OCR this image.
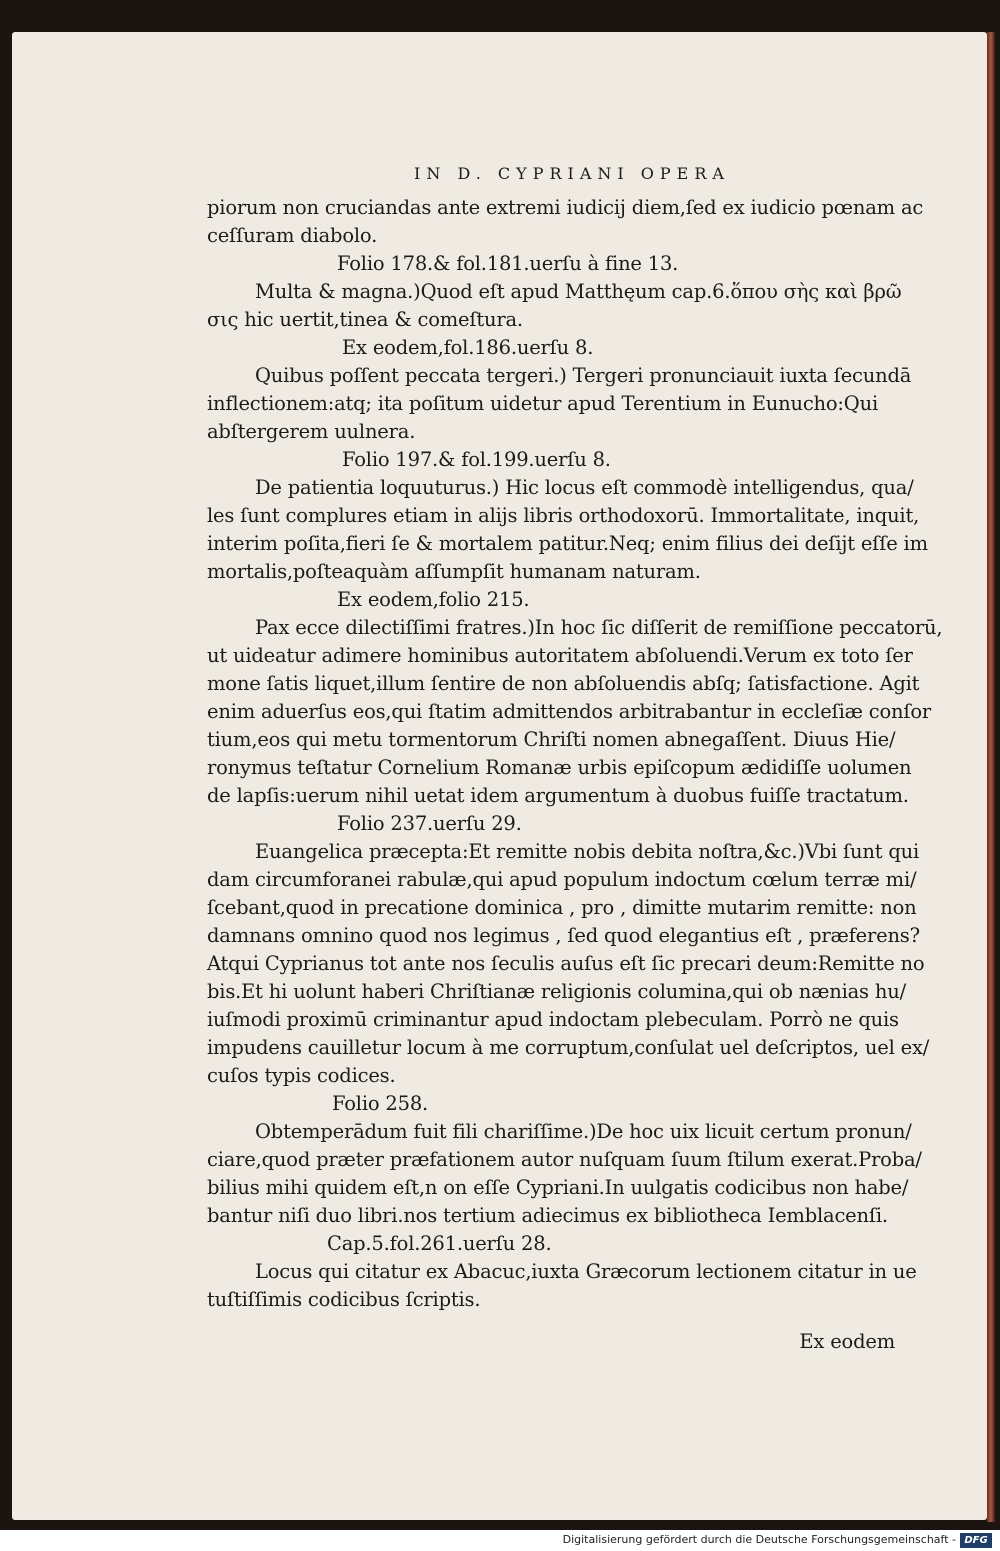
IN D. CYPRIANI OPERA
piorum non cruciandas ante extremi iudicij diem,ſed ex iudicio pœnam ac
ceſſuram diabolo.
Folio 178.& fol.181.uerſu à fine 13.
Multa & magna.)Quod eſt apud Matthęum cap.6.ὅπου σὴς καὶ βρῶ
σις hic uertit,tinea & comeſtura.
Ex eodem,fol.186.uerſu 8.
Quibus poſſent peccata tergeri.) Tergeri pronunciauit iuxta ſecundā
inflectionem:atq; ita poſitum uidetur apud Terentium in Eunucho:Qui
abſtergerem uulnera.
Folio 197.& fol.199.uerſu 8.
De patientia loquuturus.) Hic locus eſt commodè intelligendus, qua/
les ſunt complures etiam in alijs libris orthodoxorū. Immortalitate, inquit,
interim poſita,fieri ſe & mortalem patitur.Neq; enim filius dei deſijt eſſe im
mortalis,poſteaquàm aſſumpſit humanam naturam.
Ex eodem,folio 215.
Pax ecce dilectiſſimi fratres.)In hoc ſic diſſerit de remiſſione peccatorū,
ut uideatur adimere hominibus autoritatem abſoluendi.Verum ex toto ſer
mone ſatis liquet,illum ſentire de non abſoluendis abſq; ſatisfactione. Agit
enim aduerſus eos,qui ſtatim admittendos arbitrabantur in eccleſiæ conſor
tium,eos qui metu tormentorum Chriſti nomen abnegaſſent. Diuus Hie/
ronymus teſtatur Cornelium Romanæ urbis epiſcopum ædidiſſe uolumen
de lapſis:uerum nihil uetat idem argumentum à duobus fuiſſe tractatum.
Folio 237.uerſu 29.
Euangelica præcepta:Et remitte nobis debita noſtra,&c.)Vbi ſunt qui
dam circumforanei rabulæ,qui apud populum indoctum cœlum terræ mi/
ſcebant,quod in precatione dominica , pro , dimitte mutarim remitte: non
damnans omnino quod nos legimus , ſed quod elegantius eſt , præferens?
Atqui Cyprianus tot ante nos ſeculis auſus eſt ſic precari deum:Remitte no
bis.Et hi uolunt haberi Chriſtianæ religionis columina,qui ob nænias hu/
iuſmodi proximū criminantur apud indoctam plebeculam. Porrò ne quis
impudens cauilletur locum à me corruptum,conſulat uel deſcriptos, uel ex/
cuſos typis codices.
Folio 258.
Obtemperādum fuit fili chariſſime.)De hoc uix licuit certum pronun/
ciare,quod præter præfationem autor nuſquam ſuum ſtilum exerat.Proba/
bilius mihi quidem eſt,n on eſſe Cypriani.In uulgatis codicibus non habe/
bantur niſi duo libri.nos tertium adiecimus ex bibliotheca Iemblacenſi.
Cap.5.fol.261.uerſu 28.
Locus qui citatur ex Abacuc,iuxta Græcorum lectionem citatur in ue
tuſtiſſimis codicibus ſcriptis.
Ex eodem
Digitalisierung gefördert durch die Deutsche Forschungsgemeinschaft - DFG
